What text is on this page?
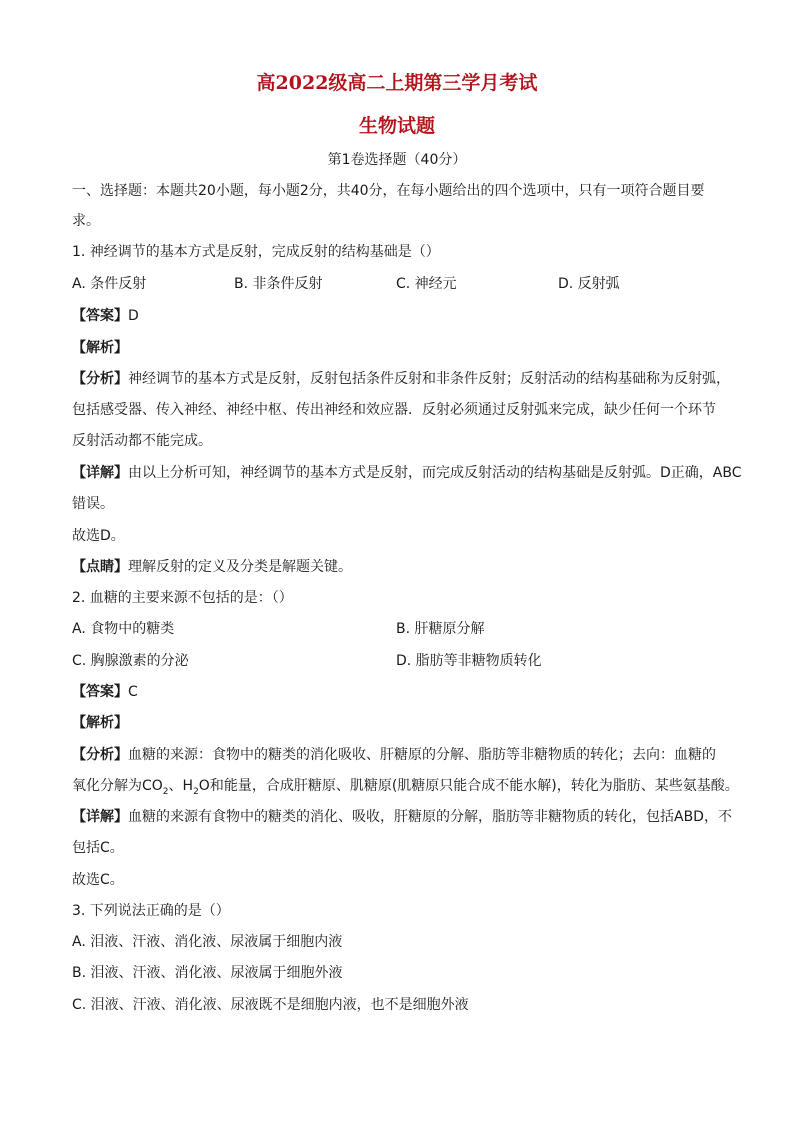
高2022级高二上期第三学月考试
生物试题
第1卷选择题（40分）
一、选择题：本题共20小题，每小题2分，共40分，在每小题给出的四个选项中，只有一项符合题目要
求。
1. 神经调节的基本方式是反射，完成反射的结构基础是（）
A. 条件反射	B. 非条件反射	C. 神经元	D. 反射弧
【答案】D
【解析】
【分析】神经调节的基本方式是反射，反射包括条件反射和非条件反射；反射活动的结构基础称为反射弧，
包括感受器、传入神经、神经中枢、传出神经和效应器．反射必须通过反射弧来完成，缺少任何一个环节
反射活动都不能完成。
【详解】由以上分析可知，神经调节的基本方式是反射，而完成反射活动的结构基础是反射弧。D正确，ABC
错误。
故选D。
【点睛】理解反射的定义及分类是解题关键。
2. 血糖的主要来源不包括的是：（）
A. 食物中的糖类	B. 肝糖原分解
C. 胸腺激素的分泌	D. 脂肪等非糖物质转化
【答案】C
【解析】
【分析】血糖的来源：食物中的糖类的消化吸收、肝糖原的分解、脂肪等非糖物质的转化；去向：血糖的
氧化分解为$CO_2$、$H_2O$和能量，合成肝糖原、肌糖原(肌糖原只能合成不能水解)，转化为脂肪、某些氨基酸。
【详解】血糖的来源有食物中的糖类的消化、吸收，肝糖原的分解，脂肪等非糖物质的转化，包括ABD，不
包括C。
故选C。
3. 下列说法正确的是（）
A. 泪液、汗液、消化液、尿液属于细胞内液
B. 泪液、汗液、消化液、尿液属于细胞外液
C. 泪液、汗液、消化液、尿液既不是细胞内液，也不是细胞外液
